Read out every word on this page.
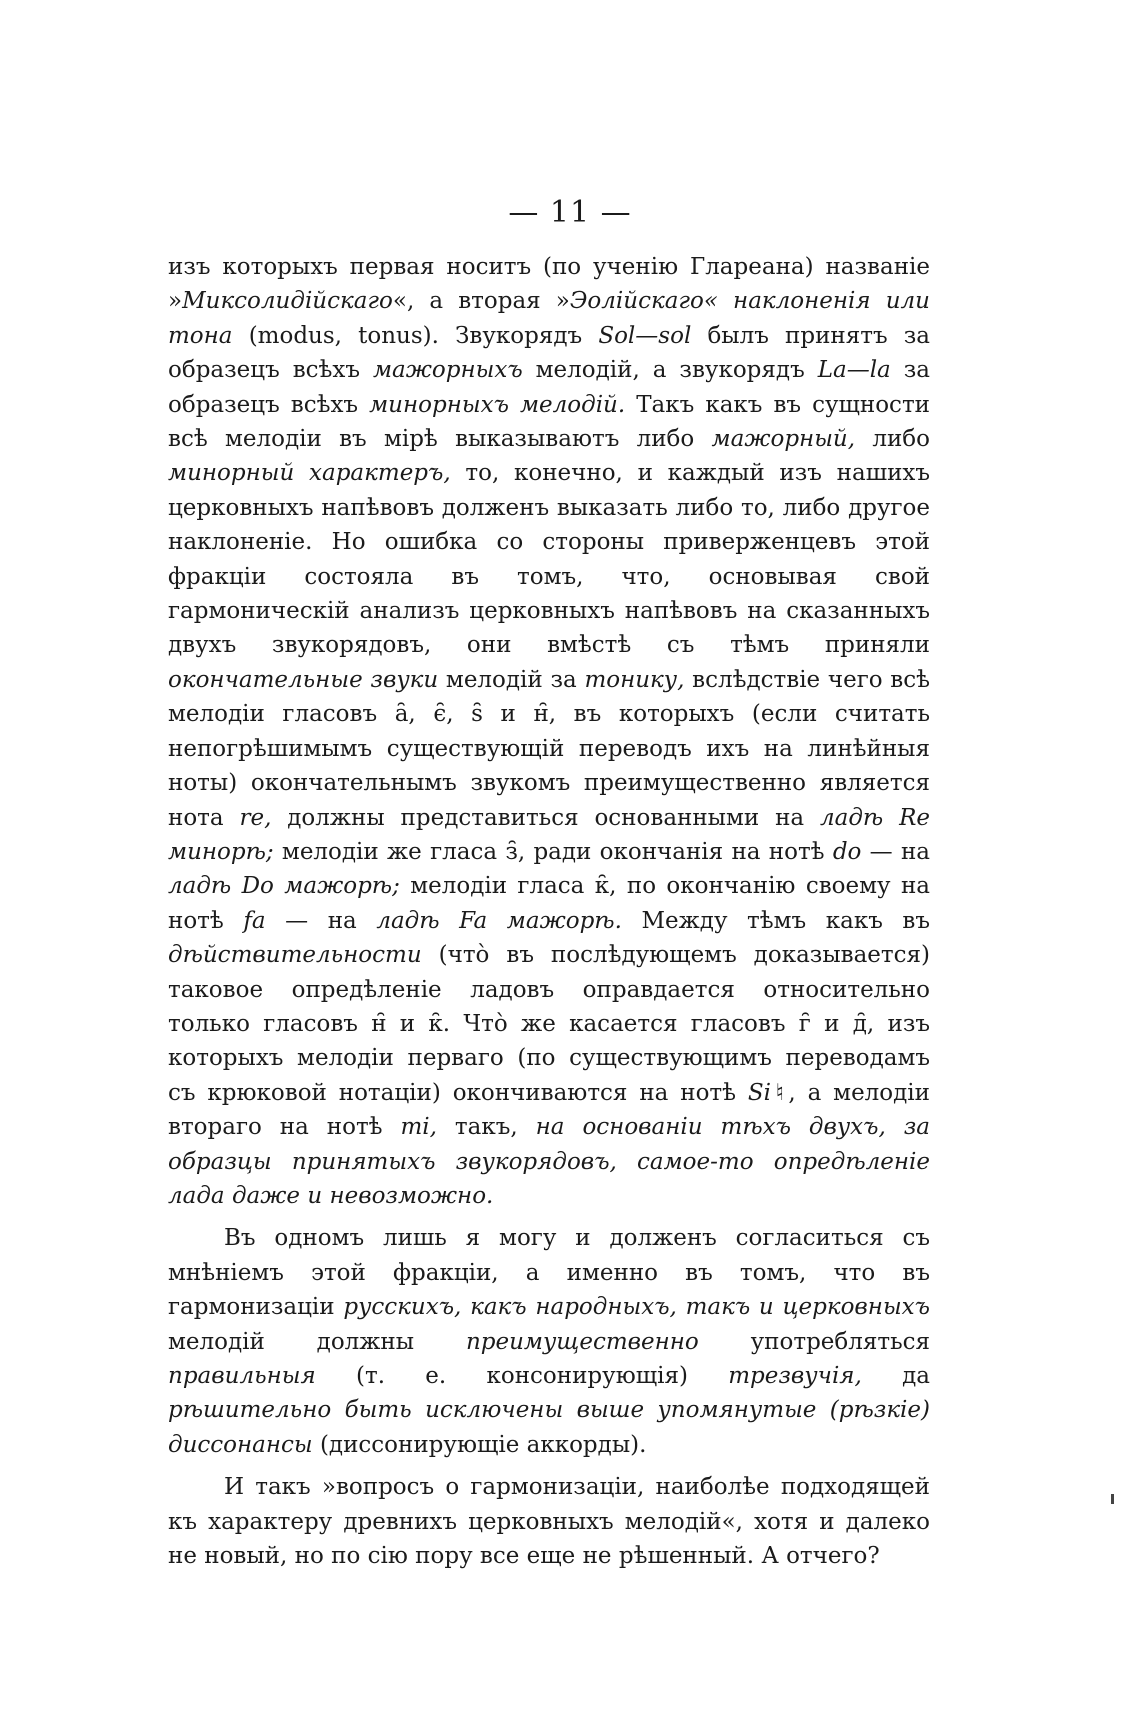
— 11 —

изъ которыхъ первая носитъ (по ученію Глареана) названіе »Миксолидійскаго«, а вторая »Эолійскаго« наклоненія или тона (modus, tonus). Звукорядъ Sol—sol былъ принятъ за образецъ всѣхъ мажорныхъ мелодій, а звукорядъ La—la за образецъ всѣхъ минорныхъ мелодій. Такъ какъ въ сущности всѣ мелодіи въ мірѣ выказываютъ либо мажорный, либо минорный характеръ, то, конечно, и каждый изъ нашихъ церковныхъ напѣвовъ долженъ выказать либо то, либо другое наклоненіе. Но ошибка со стороны приверженцевъ этой фракціи состояла въ томъ, что, основывая свой гармоническій анализъ церковныхъ напѣвовъ на сказанныхъ двухъ звукорядовъ, они вмѣстѣ съ тѣмъ приняли окончательные звуки мелодій за тонику, вслѣдствіе чего всѣ мелодіи гласовъ а̑, є̑, ѕ̑ и н̑, въ которыхъ (если считать непогрѣшимымъ существующій переводъ ихъ на линѣйныя ноты) окончательнымъ звукомъ преимущественно является нота re, должны представиться основанными на ладѣ Re минорѣ; мелодіи же гласа з̑, ради окончанія на нотѣ do — на ладѣ Do мажорѣ; мелодіи гласа к̑, по окончанію своему на нотѣ fa — на ладѣ Fa мажорѣ. Между тѣмъ какъ въ дѣйствительности (что̀ въ послѣдующемъ доказывается) таковое опредѣленіе ладовъ оправдается относительно только гласовъ н̑ и к̑. Что̀ же касается гласовъ г̑ и д̑, изъ которыхъ мелодіи перваго (по существующимъ переводамъ съ крюковой нотаціи) окончиваются на нотѣ Si♮, а мелодіи втораго на нотѣ mi, такъ, на основаніи тѣхъ двухъ, за образцы принятыхъ звукорядовъ, самое-то опредѣленіе лада даже и невозможно.

Въ одномъ лишь я могу и долженъ согласиться съ мнѣніемъ этой фракціи, а именно въ томъ, что въ гармонизаціи русскихъ, какъ народныхъ, такъ и церковныхъ мелодій должны преимущественно употребляться правильныя (т. е. консонирующія) трезвучія, да рѣшительно быть исключены выше упомянутые (рѣзкіе) диссонансы (диссонирующіе аккорды).

И такъ »вопросъ о гармонизаціи, наиболѣе подходящей къ характеру древнихъ церковныхъ мелодій«, хотя и далеко не новый, но по сію пору все еще не рѣшенный. А отчего?
